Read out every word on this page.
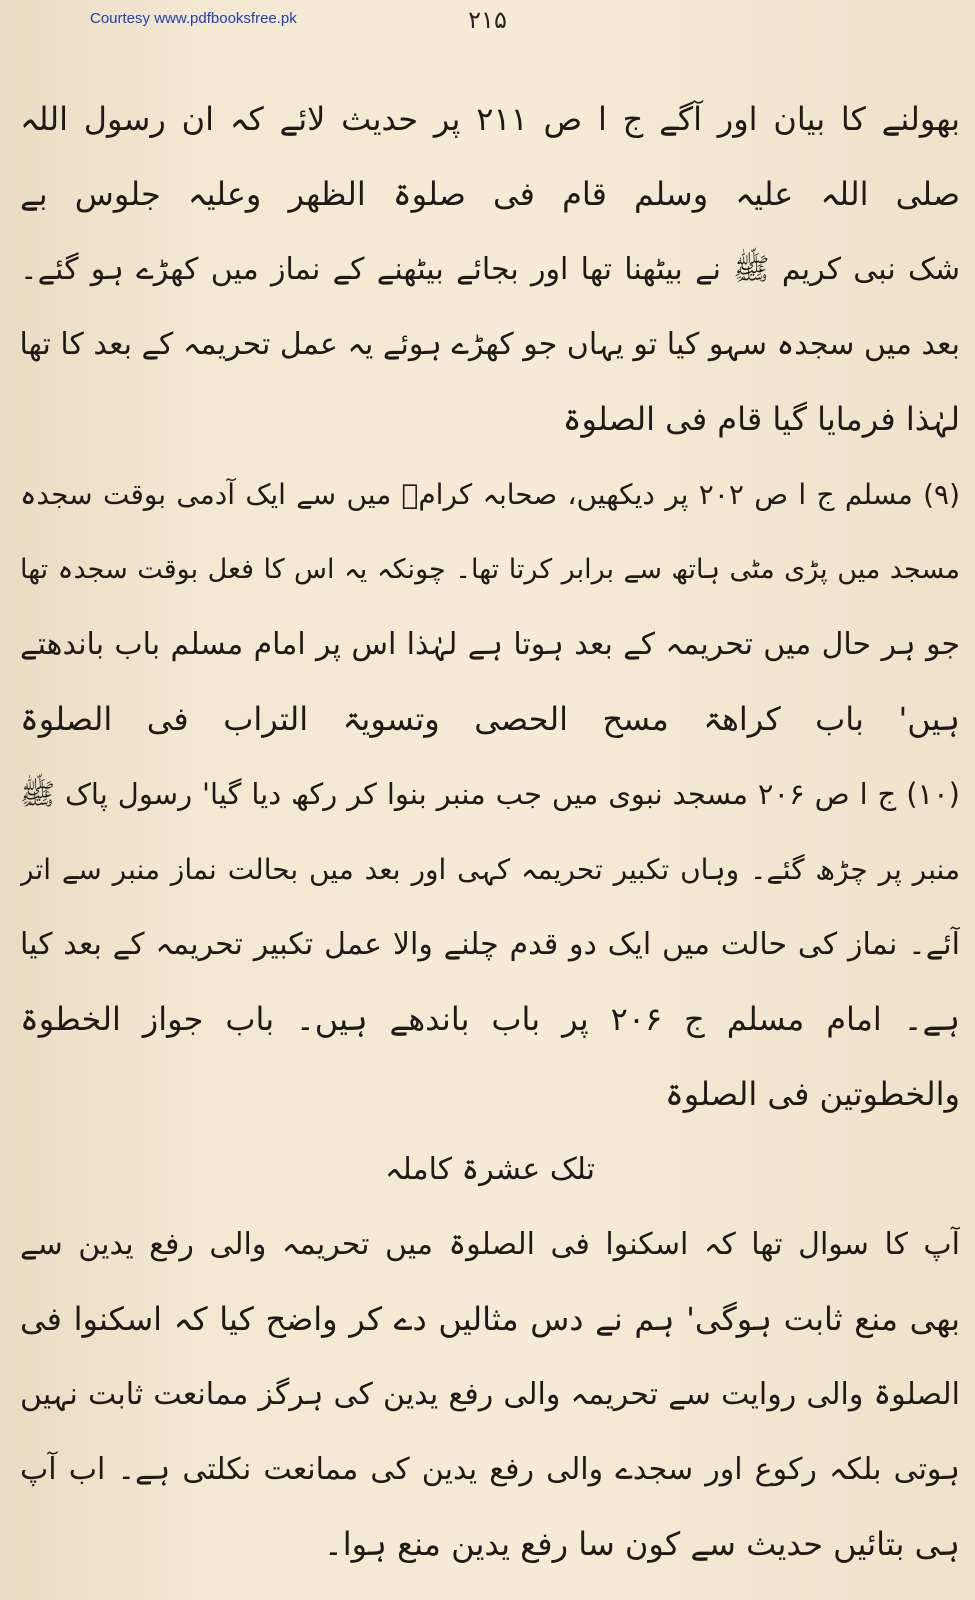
Courtesy www.pdfbooksfree.pk	۲۱۵
بھولنے کا بیان اور آگے ج ا ص ۲۱۱ پر حدیث لائے کہ ان رسول اللہ
صلی اللہ علیہ وسلم قام فی صلوۃ الظھر وعلیہ جلوس بے
شک نبی کریم ﷺ نے بیٹھنا تھا اور بجائے بیٹھنے کے نماز میں کھڑے ہو گئے۔
بعد میں سجدہ سہو کیا تو یہاں جو کھڑے ہوئے یہ عمل تحریمہ کے بعد کا تھا
لہٰذا فرمایا گیا قام فی الصلوۃ
(۹) مسلم ج ا ص ۲۰۲ پر دیکھیں، صحابہ کرامؓ میں سے ایک آدمی بوقت سجدہ
مسجد میں پڑی مٹی ہاتھ سے برابر کرتا تھا۔ چونکہ یہ اس کا فعل بوقت سجدہ تھا
جو ہر حال میں تحریمہ کے بعد ہوتا ہے لہٰذا اس پر امام مسلم باب باندھتے
ہیں' باب کراھۃ مسح الحصی وتسویۃ التراب فی الصلوۃ
(۱۰) ج ا ص ۲۰۶ مسجد نبوی میں جب منبر بنوا کر رکھ دیا گیا' رسول پاک ﷺ
منبر پر چڑھ گئے۔ وہاں تکبیر تحریمہ کہی اور بعد میں بحالت نماز منبر سے اتر
آئے۔ نماز کی حالت میں ایک دو قدم چلنے والا عمل تکبیر تحریمہ کے بعد کیا
ہے۔ امام مسلم ج ۲۰۶ پر باب باندھے ہیں۔ باب جواز الخطوۃ
والخطوتین فی الصلوۃ
تلک عشرۃ کاملہ
آپ کا سوال تھا کہ اسکنوا فی الصلوۃ میں تحریمہ والی رفع یدین سے
بھی منع ثابت ہوگی' ہم نے دس مثالیں دے کر واضح کیا کہ اسکنوا فی
الصلوۃ والی روایت سے تحریمہ والی رفع یدین کی ہرگز ممانعت ثابت نہیں
ہوتی بلکہ رکوع اور سجدے والی رفع یدین کی ممانعت نکلتی ہے۔ اب آپ
ہی بتائیں حدیث سے کون سا رفع یدین منع ہوا۔
